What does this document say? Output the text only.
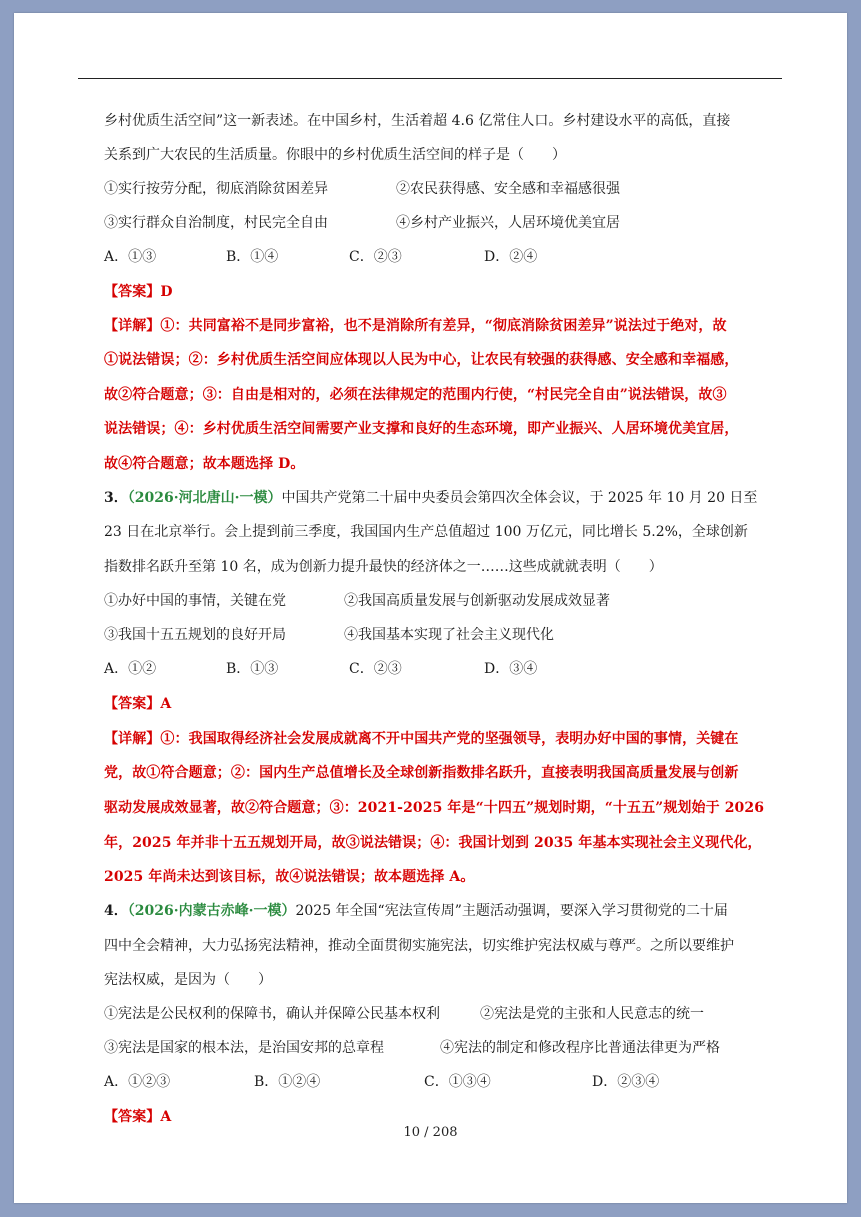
乡村优质生活空间”这一新表述。在中国乡村，生活着超 4.6 亿常住人口。乡村建设水平的高低，直接
关系到广大农民的生活质量。你眼中的乡村优质生活空间的样子是（　　）
①实行按劳分配，彻底消除贫困差异	②农民获得感、安全感和幸福感很强
③实行群众自治制度，村民完全自由	④乡村产业振兴，人居环境优美宜居
A．①③	B．①④	C．②③	D．②④
【答案】D
【详解】①：共同富裕不是同步富裕，也不是消除所有差异，“彻底消除贫困差异”说法过于绝对，故
①说法错误；②：乡村优质生活空间应体现以人民为中心，让农民有较强的获得感、安全感和幸福感，
故②符合题意；③：自由是相对的，必须在法律规定的范围内行使，“村民完全自由”说法错误，故③
说法错误；④：乡村优质生活空间需要产业支撑和良好的生态环境，即产业振兴、人居环境优美宜居，
故④符合题意；故本题选择 D。
3．（2026·河北唐山·一模）中国共产党第二十届中央委员会第四次全体会议，于 2025 年 10 月 20 日至
23 日在北京举行。会上提到前三季度，我国国内生产总值超过 100 万亿元，同比增长 5.2%，全球创新
指数排名跃升至第 10 名，成为创新力提升最快的经济体之一……这些成就就表明（　　）
①办好中国的事情，关键在党	②我国高质量发展与创新驱动发展成效显著
③我国十五五规划的良好开局	④我国基本实现了社会主义现代化
A．①②	B．①③	C．②③	D．③④
【答案】A
【详解】①：我国取得经济社会发展成就离不开中国共产党的坚强领导，表明办好中国的事情，关键在
党，故①符合题意；②：国内生产总值增长及全球创新指数排名跃升，直接表明我国高质量发展与创新
驱动发展成效显著，故②符合题意；③：2021-2025 年是“十四五”规划时期，“十五五”规划始于 2026
年，2025 年并非十五五规划开局，故③说法错误；④：我国计划到 2035 年基本实现社会主义现代化，
2025 年尚未达到该目标，故④说法错误；故本题选择 A。
4．（2026·内蒙古赤峰·一模）2025 年全国“宪法宣传周”主题活动强调，要深入学习贯彻党的二十届
四中全会精神，大力弘扬宪法精神，推动全面贯彻实施宪法，切实维护宪法权威与尊严。之所以要维护
宪法权威，是因为（　　）
①宪法是公民权利的保障书，确认并保障公民基本权利	②宪法是党的主张和人民意志的统一
③宪法是国家的根本法，是治国安邦的总章程	④宪法的制定和修改程序比普通法律更为严格
A．①②③	B．①②④	C．①③④	D．②③④
【答案】A
10 / 208
